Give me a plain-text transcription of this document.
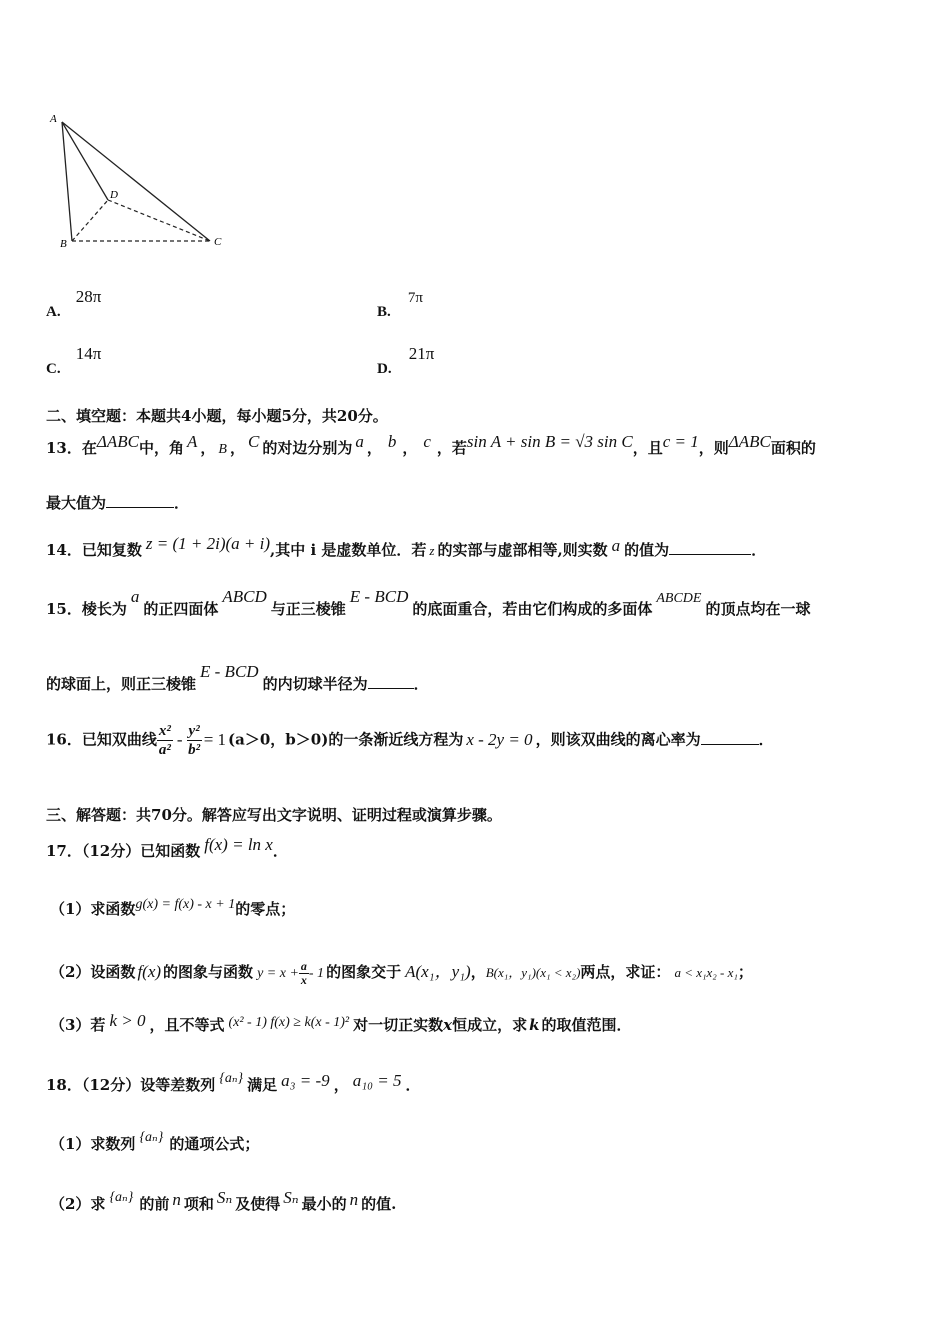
A
B	C
D
A. 28π
B. 7π
C. 14π
D. 21π
二、填空题：本题共4小题，每小题5分，共20分。
13．在ΔABC中，角 A ， B ， C 的对边分别为 a ， b ， c ，若sin A + sin B = √3 sin C，且c = 1，则ΔABC面积的
最大值为	．
14．已知复数 z = (1 + 2i)(a + i),其中 i 是虚数单位．若 z 的实部与虚部相等,则实数 a 的值为	．
15．棱长为a的正四面体ABCD与正三棱锥E - BCD的底面重合，若由它们构成的多面体ABCDE的顶点均在一球
的球面上，则正三棱锥E - BCD的内切球半径为	．
16．已知双曲线 $\frac{\text{x²}}{\text{a²}} - \frac{\text{y²}}{\text{b²}} = 1$ (a＞0，b＞0)的一条渐近线方程为 x - 2y = 0 ，则该双曲线的离心率为	．
三、解答题：共70分。解答应写出文字说明、证明过程或演算步骤。
17．（12分）已知函数 f(x) = ln x．
（1）求函数g(x) = f(x) - x + 1的零点；
（2）设函数 f(x) 的图象与函数 $y = x + \frac{a}{x} - 1$ 的图象交于 A(x₁，y₁)，B(x₁，y₁)(x₁ < x₂)两点，求证： a < x₁x₂ - x₁；
（3）若 k > 0 ，且不等式 (x² - 1) f(x) ≥ k(x - 1)² 对一切正实数x恒成立，求 k 的取值范围．
18．（12分）设等差数列 {aₙ} 满足 a₃ = -9 ， a₁₀ = 5 ．
（1）求数列 {aₙ} 的通项公式；
（2）求 {aₙ} 的前 n 项和 Sₙ 及使得 Sₙ 最小的 n 的值.
